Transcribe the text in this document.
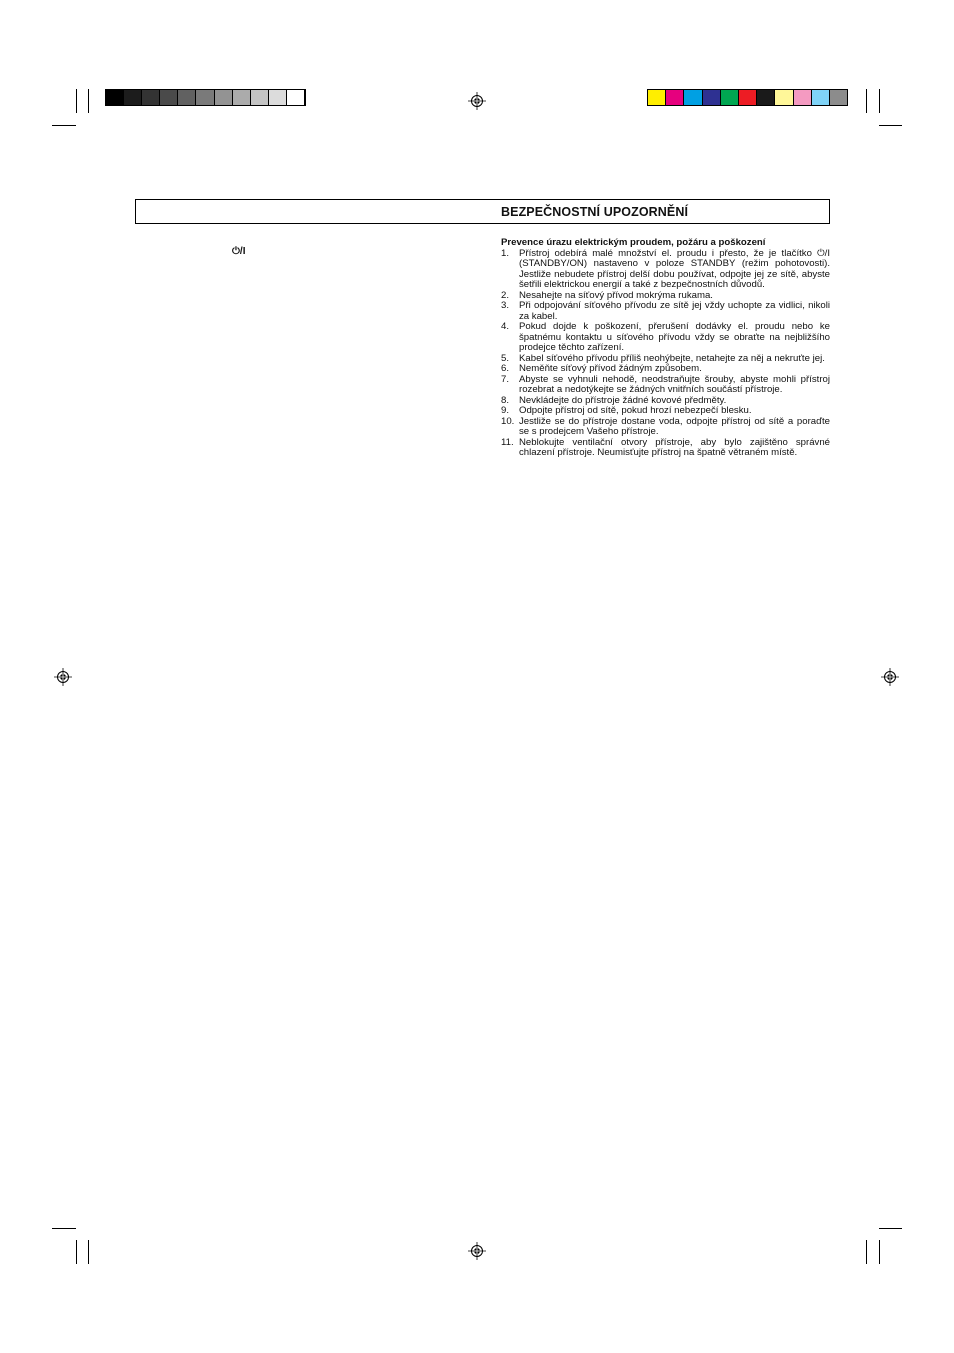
BEZPEČNOSTNÍ UPOZORNĚNÍ
⏻/I
Prevence úrazu elektrickým proudem, požáru a poškození
1.	Přístroj odebírá malé množství el. proudu i přesto, že je tlačítko ⏻/I (STANDBY/ON) nastaveno v poloze STANDBY (režim pohotovosti). Jestliže nebudete přístroj delší dobu používat, odpojte jej ze sítě, abyste šetřili elektrickou energií a také z bezpečnostních důvodů.
2.	Nesahejte na síťový přívod mokrýma rukama.
3.	Při odpojování síťového přívodu ze sítě jej vždy uchopte za vidlici, nikoli za kabel.
4.	Pokud dojde k poškození, přerušení dodávky el. proudu nebo ke špatnému kontaktu u síťového přívodu vždy se obraťte na nejbližšího prodejce těchto zařízení.
5.	Kabel síťového přívodu příliš neohýbejte, netahejte za něj a nekruťte jej.
6.	Neměňte síťový přívod žádným způsobem.
7.	Abyste se vyhnuli nehodě, neodstraňujte šrouby, abyste mohli přístroj rozebrat a nedotýkejte se žádných vnitřních součástí přístroje.
8.	Nevkládejte do přístroje žádné kovové předměty.
9.	Odpojte přístroj od sítě, pokud hrozí nebezpečí blesku.
10. Jestliže se do přístroje dostane voda, odpojte přístroj od sítě a poraďte se s prodejcem Vašeho přístroje.
11. Neblokujte ventilační otvory přístroje, aby bylo zajištěno správné chlazení přístroje. Neumisťujte přístroj na špatně větraném místě.
